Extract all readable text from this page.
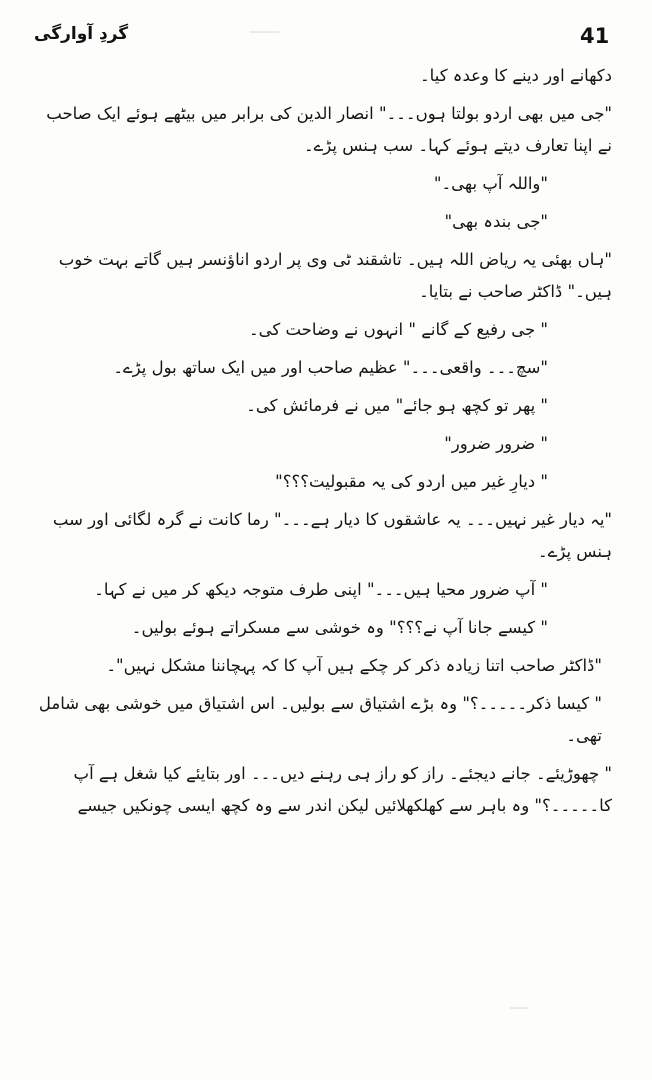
ـــــ
ـــ
41
گردِ آوارگی

دکھانے اور دینے کا وعدہ کیا۔

"جی میں بھی اردو بولتا ہوں۔۔۔" انصار الدین کی برابر میں بیٹھے ہوئے ایک صاحب نے اپنا تعارف دیتے ہوئے کہا۔ سب ہنس پڑے۔

"واللہ آپ بھی۔"

"جی بندہ بھی"

"ہاں بھئی یہ ریاض اللہ ہیں۔ تاشقند ٹی وی پر اردو اناؤنسر ہیں گاتے بہت خوب ہیں۔" ڈاکٹر صاحب نے بتایا۔

" جی رفیع کے گانے " انہوں نے وضاحت کی۔

"سچ۔۔۔ واقعی۔۔۔" عظیم صاحب اور میں ایک ساتھ بول پڑے۔

" پھر تو کچھ ہو جائے" میں نے فرمائش کی۔

" ضرور ضرور"

" دیارِ غیر میں اردو کی یہ مقبولیت؟؟؟"

"یہ دیار غیر نہیں۔۔۔ یہ عاشقوں کا دیار ہے۔۔۔" رما کانت نے گرہ لگائی اور سب ہنس پڑے۔

" آپ ضرور محیا ہیں۔۔۔" اپنی طرف متوجہ دیکھ کر میں نے کہا۔

" کیسے جانا آپ نے؟؟؟" وہ خوشی سے مسکراتے ہوئے بولیں۔

"ڈاکٹر صاحب اتنا زیادہ ذکر کر چکے ہیں آپ کا کہ پہچاننا مشکل نہیں"۔

" کیسا ذکر۔۔۔۔۔؟" وہ بڑے اشتیاق سے بولیں۔ اس اشتیاق میں خوشی بھی شامل تھی۔

" چھوڑیئے۔ جانے دیجئے۔ راز کو راز ہی رہنے دیں۔۔۔ اور بتایئے کیا شغل ہے آپ کا۔۔۔۔۔؟" وہ باہر سے کھلکھلائیں لیکن اندر سے وہ کچھ ایسی چونکیں جیسے
